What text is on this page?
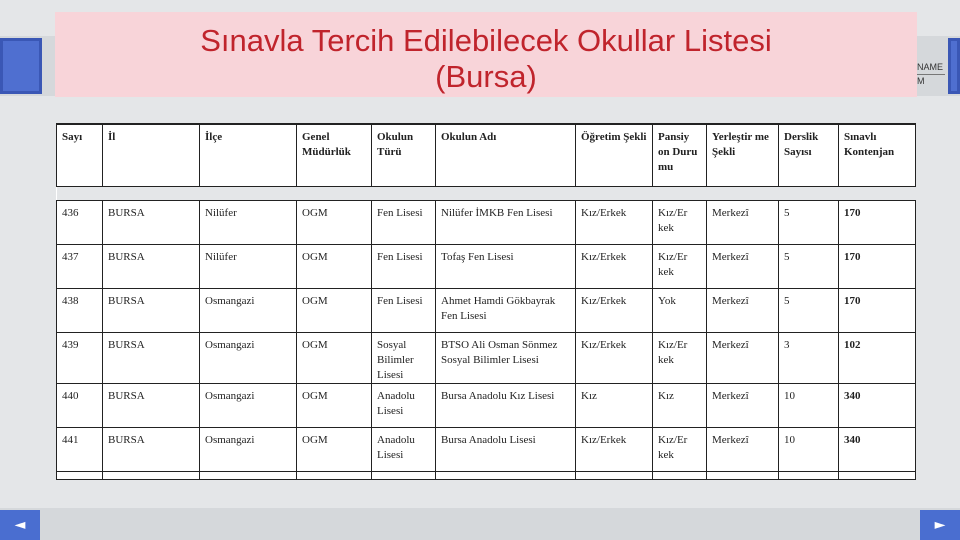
NAME
M
Sınavla Tercih Edilebilecek Okullar Listesi
(Bursa)
Sayı	İl	İlçe	Genel Müdürlük	Okulun Türü	Okulun Adı	Öğretim Şekli	Pansiy on Duru mu	Yerleştir me Şekli	Derslik Sayısı	Sınavlı Kontenjan

436	BURSA	Nilüfer	OGM	Fen Lisesi	Nilüfer İMKB Fen Lisesi	Kız/Erkek	Kız/Er kek	Merkezî	5	170
437	BURSA	Nilüfer	OGM	Fen Lisesi	Tofaş Fen Lisesi	Kız/Erkek	Kız/Er kek	Merkezî	5	170
438	BURSA	Osmangazi	OGM	Fen Lisesi	Ahmet Hamdi Gökbayrak Fen Lisesi	Kız/Erkek	Yok	Merkezî	5	170
439	BURSA	Osmangazi	OGM	Sosyal Bilimler Lisesi	BTSO Ali Osman Sönmez Sosyal Bilimler Lisesi	Kız/Erkek	Kız/Er kek	Merkezî	3	102
440	BURSA	Osmangazi	OGM	Anadolu Lisesi	Bursa Anadolu Kız Lisesi	Kız	Kız	Merkezî	10	340
441	BURSA	Osmangazi	OGM	Anadolu Lisesi	Bursa Anadolu Lisesi	Kız/Erkek	Kız/Er kek	Merkezî	10	340

◄	►
